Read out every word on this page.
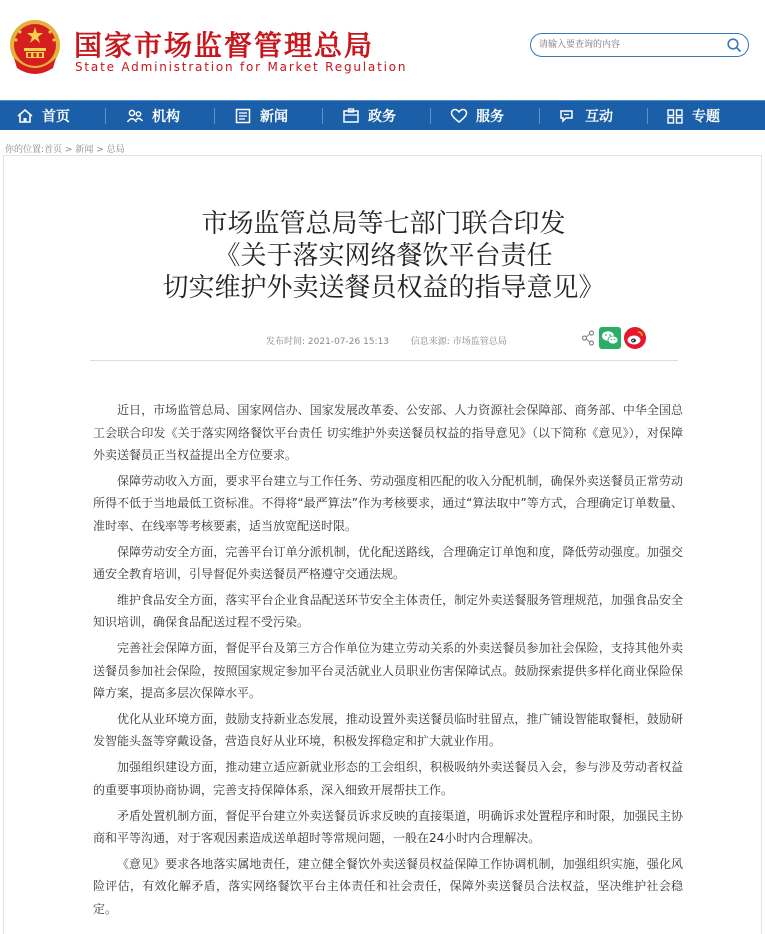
国家市场监督管理总局
State Administration for Market Regulation
请输入要查询的内容
首页	机构	新闻	政务	服务	互动	专题
你的位置:首页 > 新闻 > 总局
市场监管总局等七部门联合印发
《关于落实网络餐饮平台责任
切实维护外卖送餐员权益的指导意见》
发布时间: 2021-07-26 15:13 信息来源: 市场监管总局

近日，市场监管总局、国家网信办、国家发展改革委、公安部、人力资源社会保障部、商务部、中华全国总工会联合印发《关于落实网络餐饮平台责任 切实维护外卖送餐员权益的指导意见》（以下简称《意见》），对保障外卖送餐员正当权益提出全方位要求。

保障劳动收入方面，要求平台建立与工作任务、劳动强度相匹配的收入分配机制，确保外卖送餐员正常劳动所得不低于当地最低工资标准。不得将“最严算法”作为考核要求，通过“算法取中”等方式，合理确定订单数量、准时率、在线率等考核要素，适当放宽配送时限。

保障劳动安全方面，完善平台订单分派机制，优化配送路线，合理确定订单饱和度，降低劳动强度。加强交通安全教育培训，引导督促外卖送餐员严格遵守交通法规。

维护食品安全方面，落实平台企业食品配送环节安全主体责任，制定外卖送餐服务管理规范，加强食品安全知识培训，确保食品配送过程不受污染。

完善社会保障方面，督促平台及第三方合作单位为建立劳动关系的外卖送餐员参加社会保险，支持其他外卖送餐员参加社会保险，按照国家规定参加平台灵活就业人员职业伤害保障试点。鼓励探索提供多样化商业保险保障方案，提高多层次保障水平。

优化从业环境方面，鼓励支持新业态发展，推动设置外卖送餐员临时驻留点，推广铺设智能取餐柜，鼓励研发智能头盔等穿戴设备，营造良好从业环境，积极发挥稳定和扩大就业作用。

加强组织建设方面，推动建立适应新就业形态的工会组织，积极吸纳外卖送餐员入会，参与涉及劳动者权益的重要事项协商协调，完善支持保障体系，深入细致开展帮扶工作。

矛盾处置机制方面，督促平台建立外卖送餐员诉求反映的直接渠道，明确诉求处置程序和时限，加强民主协商和平等沟通，对于客观因素造成送单超时等常规问题，一般在24小时内合理解决。

《意见》要求各地落实属地责任，建立健全餐饮外卖送餐员权益保障工作协调机制，加强组织实施，强化风险评估，有效化解矛盾，落实网络餐饮平台主体责任和社会责任，保障外卖送餐员合法权益，坚决维护社会稳定。
